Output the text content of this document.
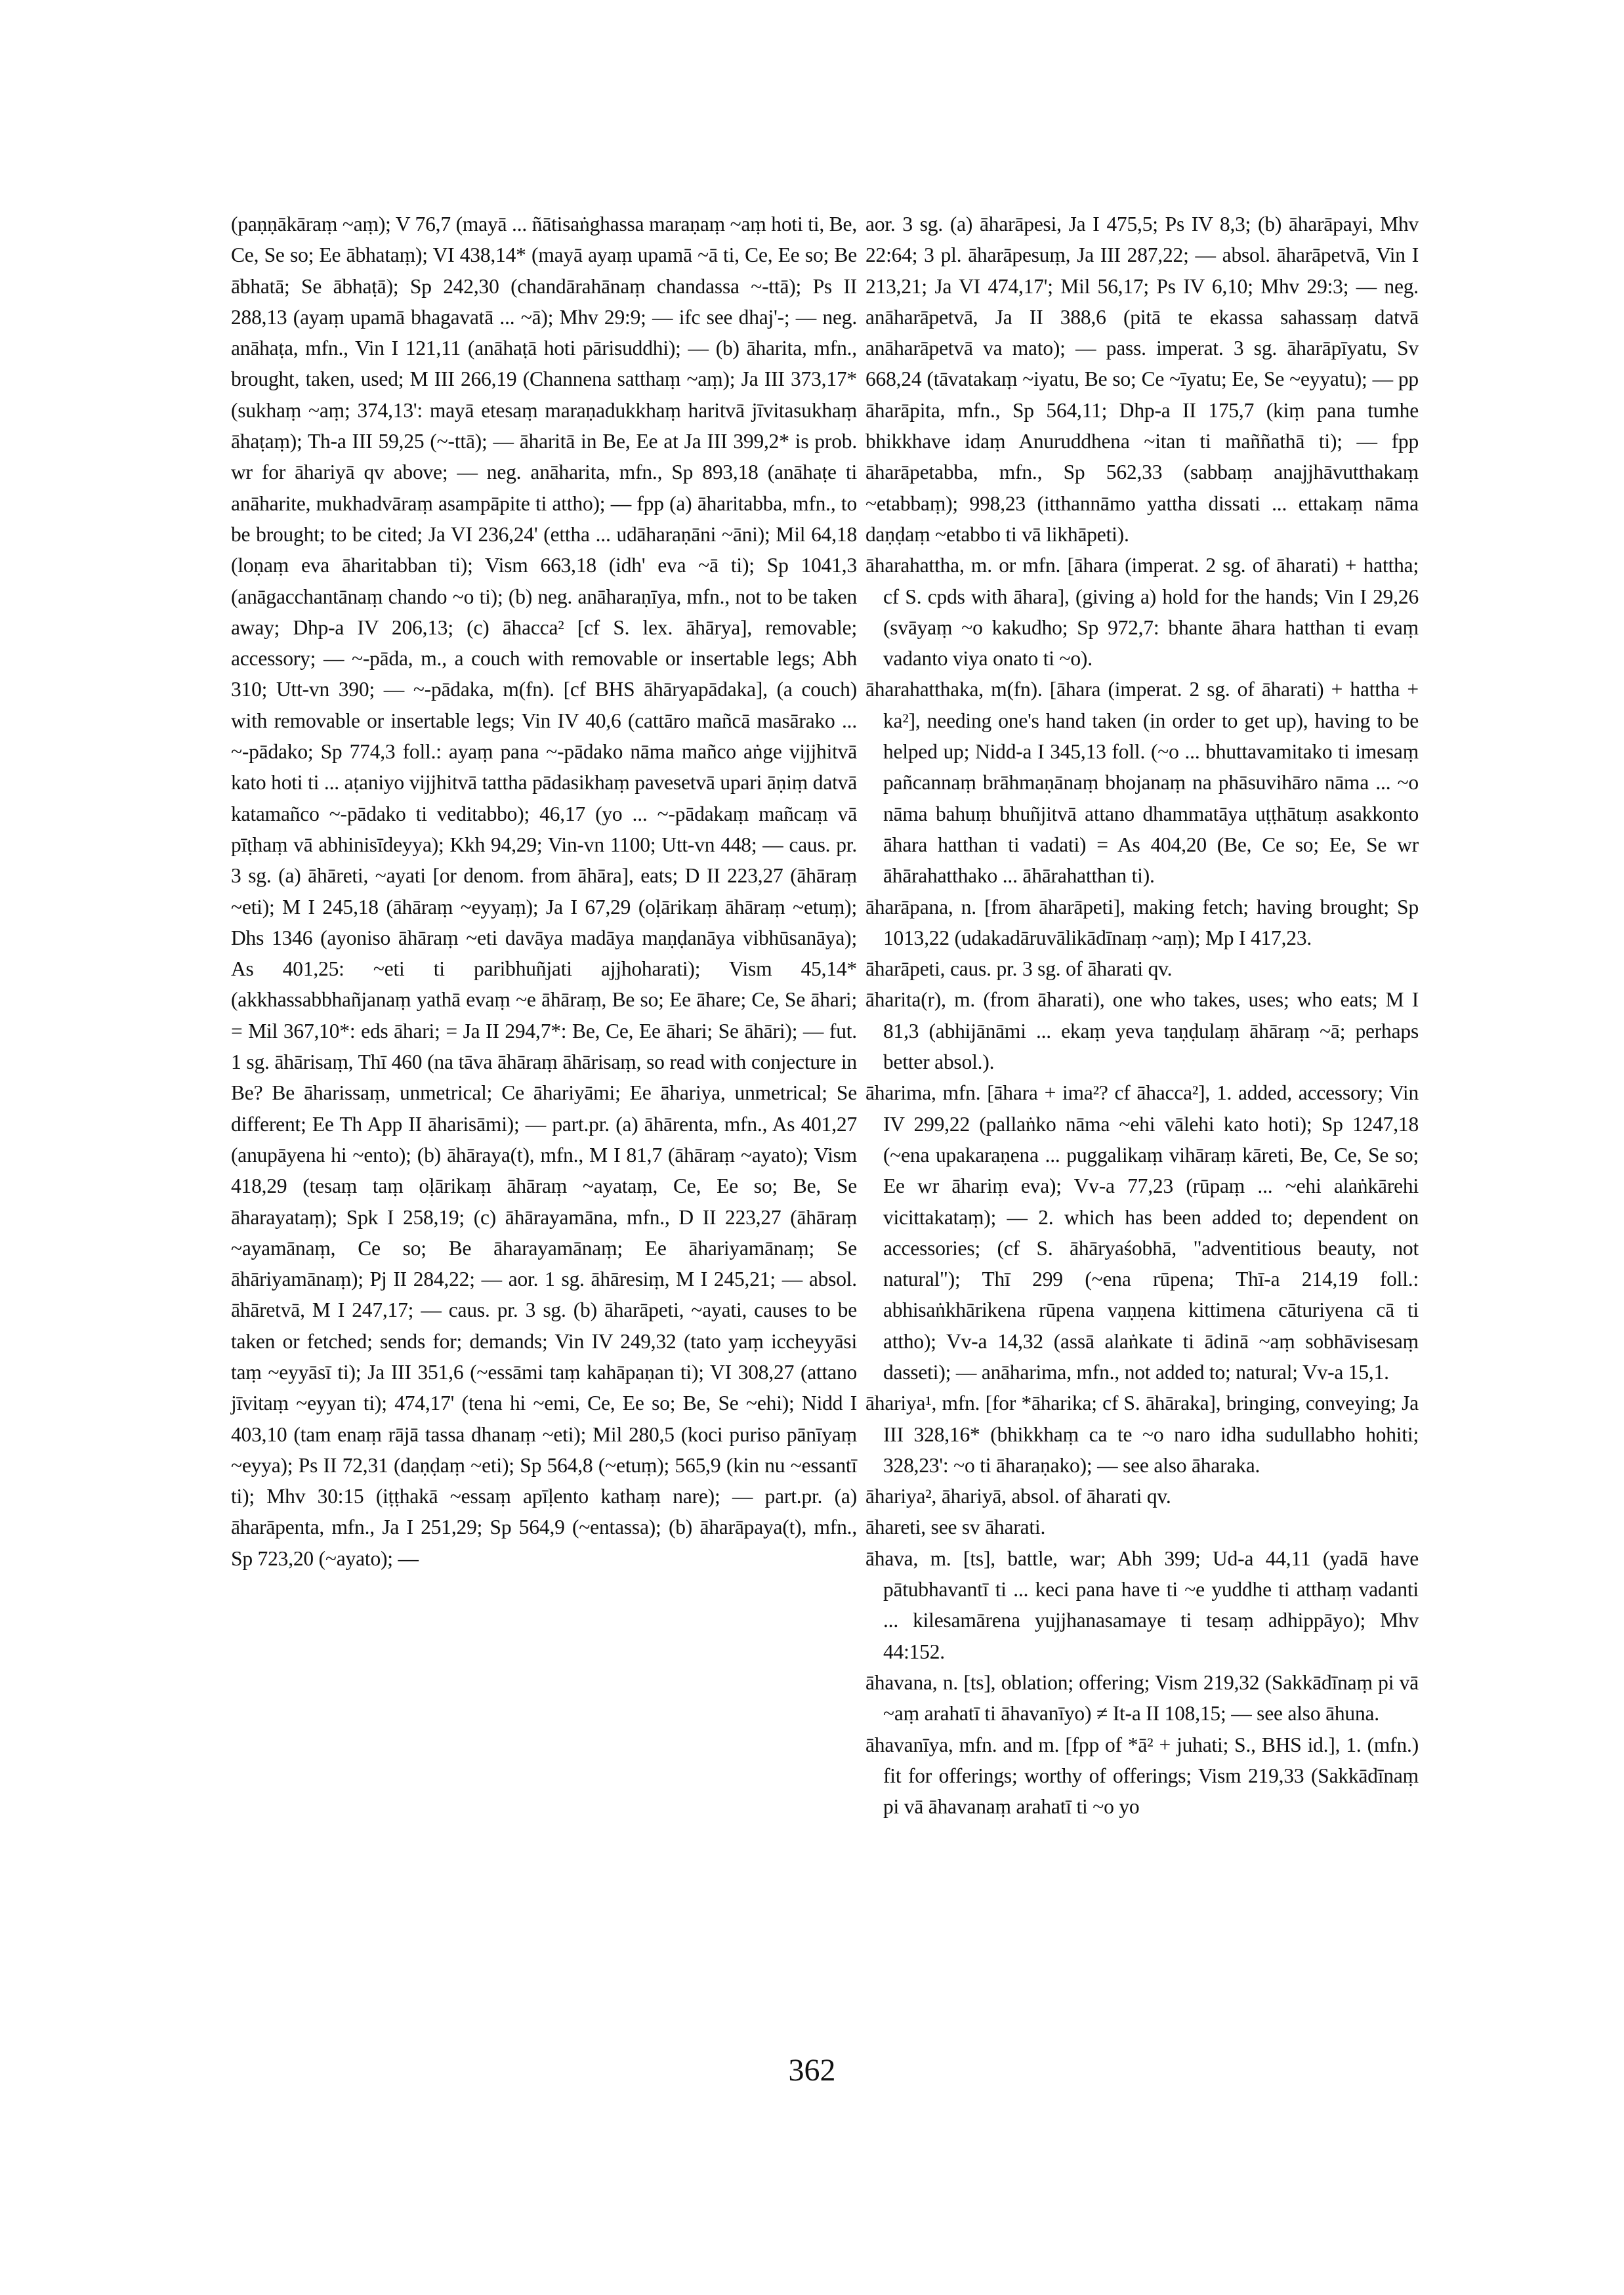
(paṇṇākāraṃ ~aṃ); V 76,7 (mayā ... ñātisaṅghassa maraṇaṃ ~aṃ hoti ti, Be, Ce, Se so; Ee ābhataṃ); VI 438,14* (mayā ayaṃ upamā ~ā ti, Ce, Ee so; Be ābhatā; Se ābhaṭā); Sp 242,30 (chandārahānaṃ chandassa ~-ttā); Ps II 288,13 (ayaṃ upamā bhagavatā ... ~ā); Mhv 29:9; — ifc see dhaj'-; — neg. anāhaṭa, mfn., Vin I 121,11 (anāhaṭā hoti pārisuddhi); — (b) āharita, mfn., brought, taken, used; M III 266,19 (Channena satthaṃ ~aṃ); Ja III 373,17* (sukhaṃ ~aṃ; 374,13': mayā etesaṃ maraṇadukkhaṃ haritvā jīvitasukhaṃ āhaṭaṃ); Th-a III 59,25 (~-ttā); — āharitā in Be, Ee at Ja III 399,2* is prob. wr for āhariyā qv above; — neg. anāharita, mfn., Sp 893,18 (anāhaṭe ti anāharite, mukhadvāraṃ asampāpite ti attho); — fpp (a) āharitabba, mfn., to be brought; to be cited; Ja VI 236,24' (ettha ... udāharaṇāni ~āni); Mil 64,18 (loṇaṃ eva āharitabban ti); Vism 663,18 (idh' eva ~ā ti); Sp 1041,3 (anāgacchantānaṃ chando ~o ti); (b) neg. anāharaṇīya, mfn., not to be taken away; Dhp-a IV 206,13; (c) āhacca² [cf S. lex. āhārya], removable; accessory; — ~-pāda, m., a couch with removable or insertable legs; Abh 310; Utt-vn 390; — ~-pādaka, m(fn). [cf BHS āhāryapādaka], (a couch) with removable or insertable legs; Vin IV 40,6 (cattāro mañcā masārako ... ~-pādako; Sp 774,3 foll.: ayaṃ pana ~-pādako nāma mañco aṅge vijjhitvā kato hoti ti ... aṭaniyo vijjhitvā tattha pādasikhaṃ pavesetvā upari āṇiṃ datvā katamañco ~-pādako ti veditabbo); 46,17 (yo ... ~-pādakaṃ mañcaṃ vā pīṭhaṃ vā abhinisīdeyya); Kkh 94,29; Vin-vn 1100; Utt-vn 448; — caus. pr. 3 sg. (a) āhāreti, ~ayati [or denom. from āhāra], eats; D II 223,27 (āhāraṃ ~eti); M I 245,18 (āhāraṃ ~eyyaṃ); Ja I 67,29 (oḷārikaṃ āhāraṃ ~etuṃ); Dhs 1346 (ayoniso āhāraṃ ~eti davāya madāya maṇḍanāya vibhūsanāya); As 401,25: ~eti ti paribhuñjati ajjhoharati); Vism 45,14* (akkhassabbhañjanaṃ yathā evaṃ ~e āhāraṃ, Be so; Ee āhare; Ce, Se āhari; = Mil 367,10*: eds āhari; = Ja II 294,7*: Be, Ce, Ee āhari; Se āhāri); — fut. 1 sg. āhārisaṃ, Thī 460 (na tāva āhāraṃ āhārisaṃ, so read with conjecture in Be? Be āharissaṃ, unmetrical; Ce āhariyāmi; Ee āhariya, unmetrical; Se different; Ee Th App II āharisāmi); — part.pr. (a) āhārenta, mfn., As 401,27 (anupāyena hi ~ento); (b) āhāraya(t), mfn., M I 81,7 (āhāraṃ ~ayato); Vism 418,29 (tesaṃ taṃ oḷārikaṃ āhāraṃ ~ayataṃ, Ce, Ee so; Be, Se āharayataṃ); Spk I 258,19; (c) āhārayamāna, mfn., D II 223,27 (āhāraṃ ~ayamānaṃ, Ce so; Be āharayamānaṃ; Ee āhariyamānaṃ; Se āhāriyamānaṃ); Pj II 284,22; — aor. 1 sg. āhāresiṃ, M I 245,21; — absol. āhāretvā, M I 247,17; — caus. pr. 3 sg. (b) āharāpeti, ~ayati, causes to be taken or fetched; sends for; demands; Vin IV 249,32 (tato yaṃ iccheyyāsi taṃ ~eyyāsī ti); Ja III 351,6 (~essāmi taṃ kahāpaṇan ti); VI 308,27 (attano jīvitaṃ ~eyyan ti); 474,17' (tena hi ~emi, Ce, Ee so; Be, Se ~ehi); Nidd I 403,10 (tam enaṃ rājā tassa dhanaṃ ~eti); Mil 280,5 (koci puriso pānīyaṃ ~eyya); Ps II 72,31 (daṇḍaṃ ~eti); Sp 564,8 (~etuṃ); 565,9 (kin nu ~essantī ti); Mhv 30:15 (iṭṭhakā ~essaṃ apīḷento kathaṃ nare); — part.pr. (a) āharāpenta, mfn., Ja I 251,29; Sp 564,9 (~entassa); (b) āharāpaya(t), mfn., Sp 723,20 (~ayato); —

aor. 3 sg. (a) āharāpesi, Ja I 475,5; Ps IV 8,3; (b) āharāpayi, Mhv 22:64; 3 pl. āharāpesuṃ, Ja III 287,22; — absol. āharāpetvā, Vin I 213,21; Ja VI 474,17'; Mil 56,17; Ps IV 6,10; Mhv 29:3; — neg. anāharāpetvā, Ja II 388,6 (pitā te ekassa sahassaṃ datvā anāharāpetvā va mato); — pass. imperat. 3 sg. āharāpīyatu, Sv 668,24 (tāvatakaṃ ~iyatu, Be so; Ce ~īyatu; Ee, Se ~eyyatu); — pp āharāpita, mfn., Sp 564,11; Dhp-a II 175,7 (kiṃ pana tumhe bhikkhave idaṃ Anuruddhena ~itan ti maññathā ti); — fpp āharāpetabba, mfn., Sp 562,33 (sabbaṃ anajjhāvutthakaṃ ~etabbaṃ); 998,23 (itthannāmo yattha dissati ... ettakaṃ nāma daṇḍaṃ ~etabbo ti vā likhāpeti).

āharahattha, m. or mfn. [āhara (imperat. 2 sg. of āharati) + hattha; cf S. cpds with āhara], (giving a) hold for the hands; Vin I 29,26 (svāyaṃ ~o kakudho; Sp 972,7: bhante āhara hatthan ti evaṃ vadanto viya onato ti ~o).

āharahatthaka, m(fn). [āhara (imperat. 2 sg. of āharati) + hattha + ka²], needing one's hand taken (in order to get up), having to be helped up; Nidd-a I 345,13 foll. (~o ... bhuttavamitako ti imesaṃ pañcannaṃ brāhmaṇānaṃ bhojanaṃ na phāsuvihāro nāma ... ~o nāma bahuṃ bhuñjitvā attano dhammatāya uṭṭhātuṃ asakkonto āhara hatthan ti vadati) = As 404,20 (Be, Ce so; Ee, Se wr āhārahatthako ... āhārahatthan ti).

āharāpana, n. [from āharāpeti], making fetch; having brought; Sp 1013,22 (udakadāruvālikādīnaṃ ~aṃ); Mp I 417,23.

āharāpeti, caus. pr. 3 sg. of āharati qv.

āharita(r), m. (from āharati), one who takes, uses; who eats; M I 81,3 (abhijānāmi ... ekaṃ yeva taṇḍulaṃ āhāraṃ ~ā; perhaps better absol.).

āharima, mfn. [āhara + ima²? cf āhacca²], 1. added, accessory; Vin IV 299,22 (pallaṅko nāma ~ehi vālehi kato hoti); Sp 1247,18 (~ena upakaraṇena ... puggalikaṃ vihāraṃ kāreti, Be, Ce, Se so; Ee wr āhariṃ eva); Vv-a 77,23 (rūpaṃ ... ~ehi alaṅkārehi vicittakataṃ); — 2. which has been added to; dependent on accessories; (cf S. āhāryaśobhā, "adventitious beauty, not natural"); Thī 299 (~ena rūpena; Thī-a 214,19 foll.: abhisaṅkhārikena rūpena vaṇṇena kittimena cāturiyena cā ti attho); Vv-a 14,32 (assā alaṅkate ti ādinā ~aṃ sobhāvisesaṃ dasseti); — anāharima, mfn., not added to; natural; Vv-a 15,1.

āhariya¹, mfn. [for *āharika; cf S. āhāraka], bringing, conveying; Ja III 328,16* (bhikkhaṃ ca te ~o naro idha sudullabho hohiti; 328,23': ~o ti āharaṇako); — see also āharaka.

āhariya², āhariyā, absol. of āharati qv.

āhareti, see sv āharati.

āhava, m. [ts], battle, war; Abh 399; Ud-a 44,11 (yadā have pātubhavantī ti ... keci pana have ti ~e yuddhe ti atthaṃ vadanti ... kilesamārena yujjhanasamaye ti tesaṃ adhippāyo); Mhv 44:152.

āhavana, n. [ts], oblation; offering; Vism 219,32 (Sakkādīnaṃ pi vā ~aṃ arahatī ti āhavanīyo) ≠ It-a II 108,15; — see also āhuna.

āhavanīya, mfn. and m. [fpp of *ā² + juhati; S., BHS id.], 1. (mfn.) fit for offerings; worthy of offerings; Vism 219,33 (Sakkādīnaṃ pi vā āhavanaṃ arahatī ti ~o yo

362
